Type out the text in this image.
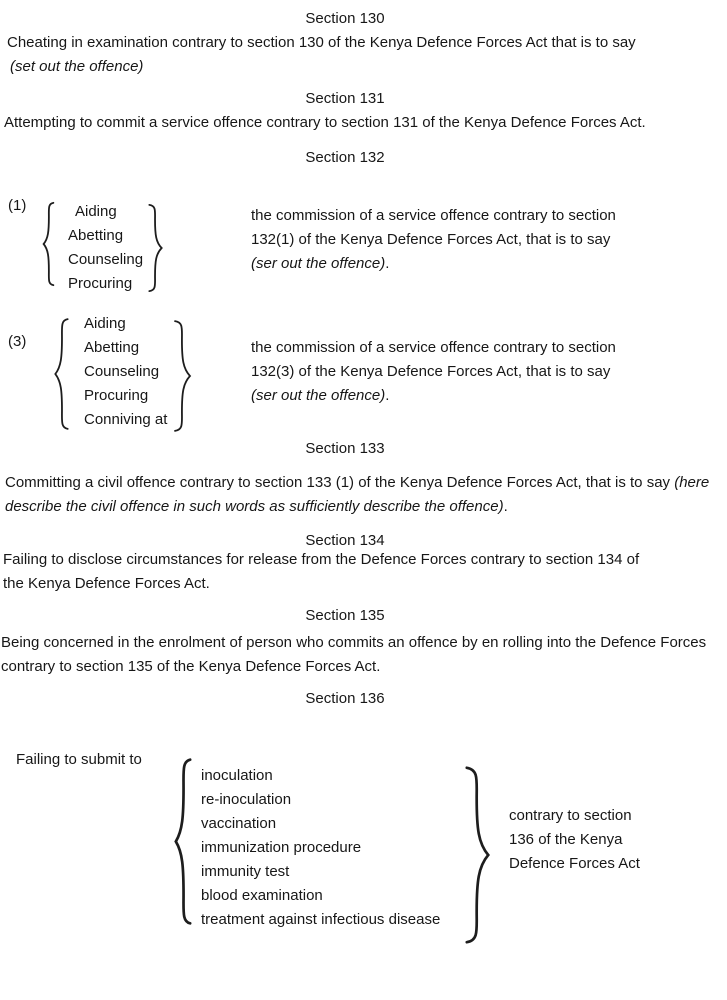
Section 130
Cheating in examination contrary to section 130 of the Kenya Defence Forces Act that is to say
(set out the offence)
Section 131
Attempting to commit a service offence contrary to section 131 of the Kenya Defence Forces Act.
Section 132
(1)	Aiding
Abetting
Counseling
Procuring
the commission of a service offence contrary to section 132(1) of the Kenya Defence Forces Act, that is to say
(ser out the offence).
(3)
Aiding
Abetting
Counseling
Procuring
Conniving at
the commission of a service offence contrary to section 132(3) of the Kenya Defence Forces Act, that is to say
(ser out the offence).
Section 133
Committing a civil offence contrary to section 133 (1) of the Kenya Defence Forces Act, that is to say (here describe the civil offence in such words as sufficiently describe the offence).
Section 134
Failing to disclose circumstances for release from the Defence Forces contrary to section 134 of the Kenya Defence Forces Act.
Section 135
Being concerned in the enrolment of person who commits an offence by en rolling into the Defence Forces contrary to section 135 of the Kenya Defence Forces Act.
Section 136
Failing to submit to
inoculation
re-inoculation
vaccination
immunization procedure
immunity test
blood examination
treatment against infectious disease
contrary to section
136 of the Kenya
Defence Forces Act
